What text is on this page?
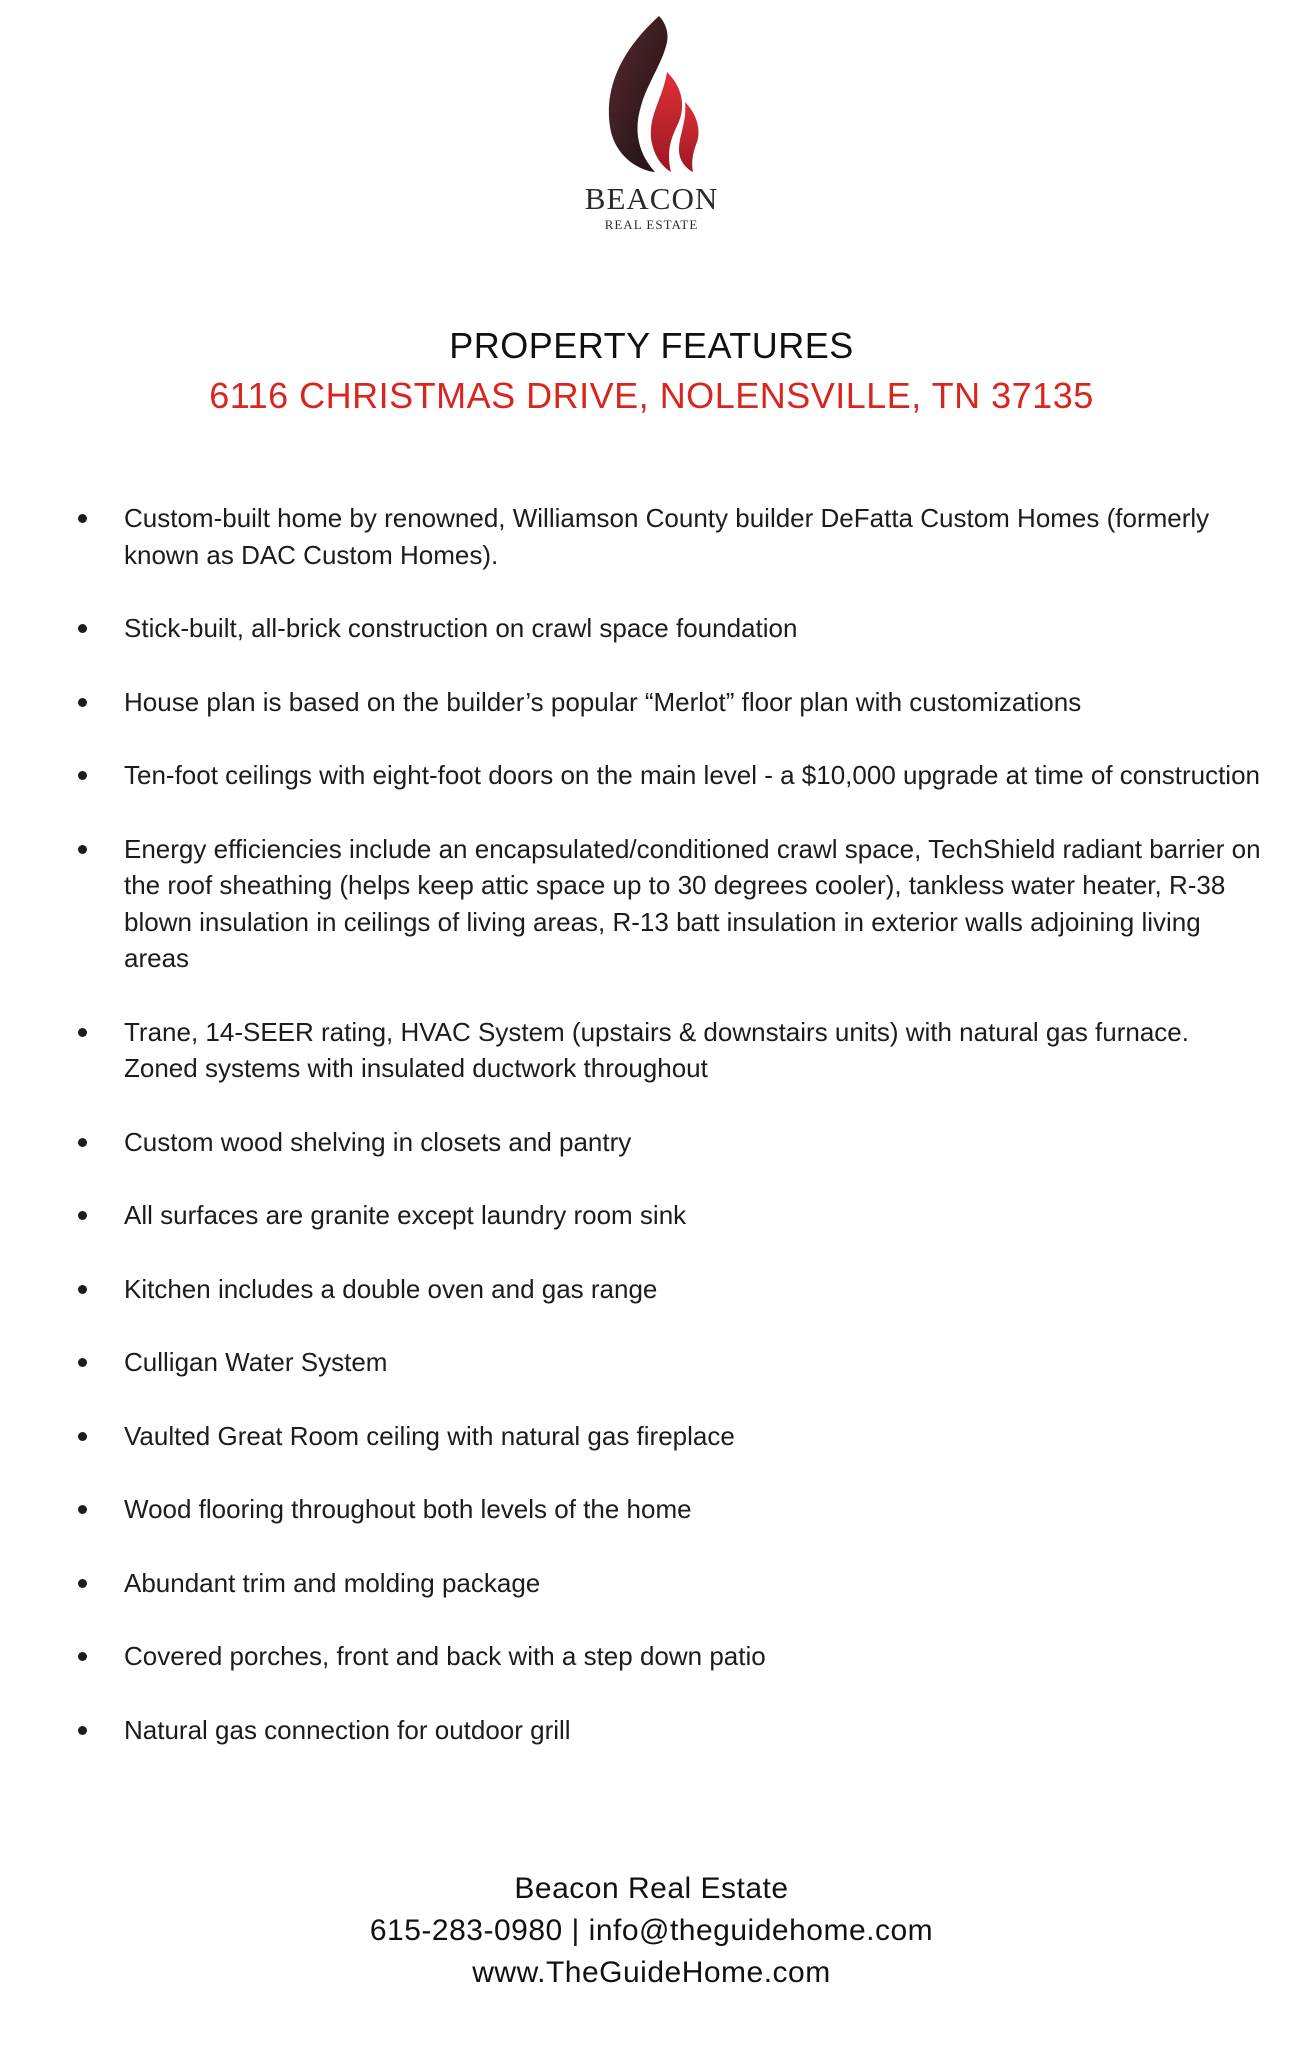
BEACON
REAL ESTATE
PROPERTY FEATURES
6116 CHRISTMAS DRIVE, NOLENSVILLE, TN 37135
Custom-built home by renowned, Williamson County builder DeFatta Custom Homes (formerly known as DAC Custom Homes).
Stick-built, all-brick construction on crawl space foundation
House plan is based on the builder’s popular “Merlot” floor plan with customizations
Ten-foot ceilings with eight-foot doors on the main level - a $10,000 upgrade at time of construction
Energy efficiencies include an encapsulated/conditioned crawl space, TechShield radiant barrier on the roof sheathing (helps keep attic space up to 30 degrees cooler), tankless water heater, R-38 blown insulation in ceilings of living areas, R-13 batt insulation in exterior walls adjoining living areas
Trane, 14-SEER rating, HVAC System (upstairs & downstairs units) with natural gas furnace. Zoned systems with insulated ductwork throughout
Custom wood shelving in closets and pantry
All surfaces are granite except laundry room sink
Kitchen includes a double oven and gas range
Culligan Water System
Vaulted Great Room ceiling with natural gas fireplace
Wood flooring throughout both levels of the home
Abundant trim and molding package
Covered porches, front and back with a step down patio
Natural gas connection for outdoor grill
Beacon Real Estate
615-283-0980 | info@theguidehome.com
www.TheGuideHome.com
